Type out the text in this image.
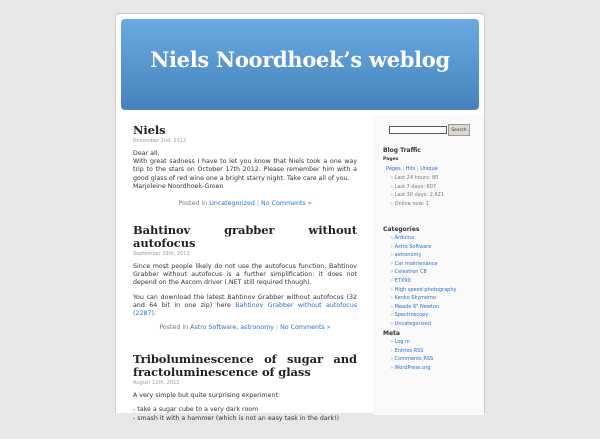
Niels Noordhoek’s weblog
Niels
November 2nd, 2012
Dear all,
With great sadness I have to let you know that Niels took a one way trip to the stars on October 17th 2012. Please remember him with a good glass of red wine one a bright starry night. Take care all of you.
Marjoleine Noordhoek-Groen
Posted in Uncategorized | No Comments »
Bahtinov grabber without autofocus
September 29th, 2012

Since most people likely do not use the autofocus function, Bahtinov Grabber without autofocus is a further simplification: it does not depend on the Ascom driver (.NET still required though).

You can download the latest Bahtinov Grabber without autofocus (32 and 64 bit in one zip) here Bahtinov Grabber without autofocus (2287).

Posted in Astro Software, astronomy | No Comments »
Triboluminescence of sugar and fractoluminescence of glass
August 11th, 2012

A very simple but quite surprising experiment:

- take a sugar cube to a very dark room
- smash it with a hammer (which is not an easy task in the dark!)
Search
Blog Traffic
Pages
Pages | Hits | Unique
» Last 24 hours: 80
» Last 7 days: 607
» Last 30 days: 2,621
» Online now: 1
Categories
» Arduino
» Astro Software
» astronomy
» Car maintenance
» Celestron C8
» ETX90
» High speed photography
» Kenko Skymemo
» Meade 6" Newton
» Spectroscopy
» Uncategorized
Meta
» Log in
» Entries RSS
» Comments RSS
» WordPress.org
